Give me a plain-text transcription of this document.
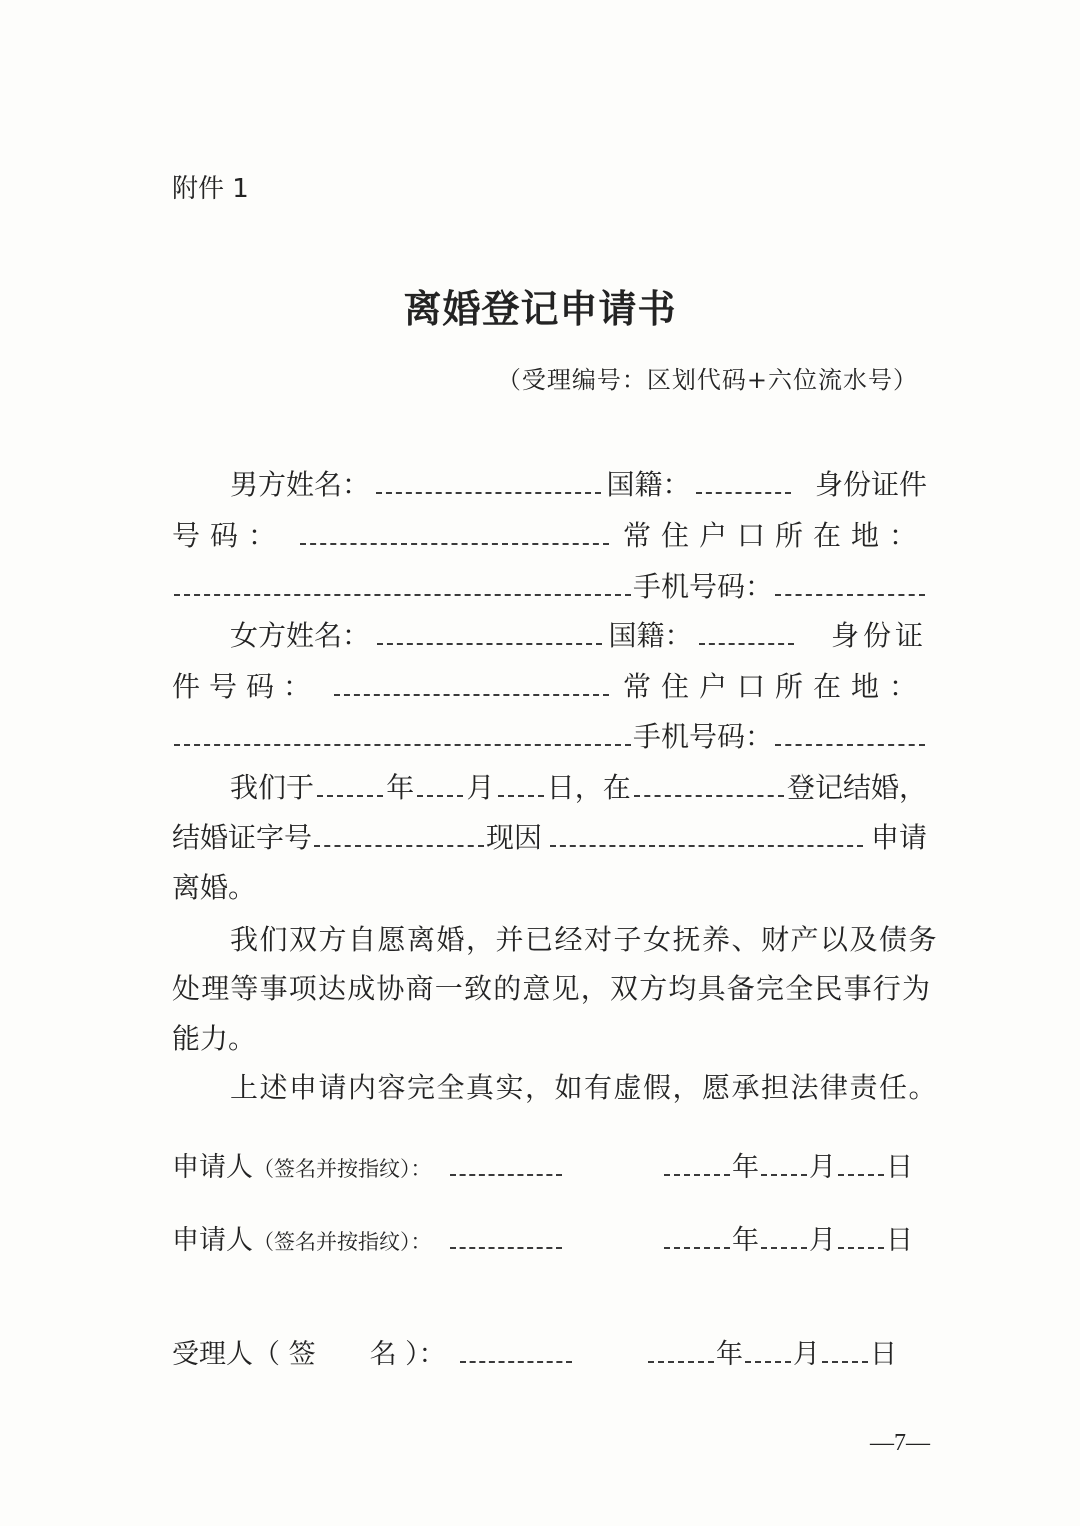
附件 1
离婚登记申请书
（受理编号：区划代码+六位流水号）
男方姓名：	国籍：	身份证件
号码：	常住户口所在地：
手机号码：
女方姓名：	国籍：	身份证
件号码：	常住户口所在地：
手机号码：
我们于	年 月 日，在	登记结婚，
结婚证字号	现因	申请
离婚。
我们双方自愿离婚，并已经对子女抚养、财产以及债务
处理等事项达成协商一致的意见，双方均具备完全民事行为
能力。
上述申请内容完全真实，如有虚假，愿承担法律责任。
申请人（签名并按指纹）：	年 月 日
申请人（签名并按指纹）：	年 月 日
受理人（ 签　　名 ）：	年 月 日
—7—
